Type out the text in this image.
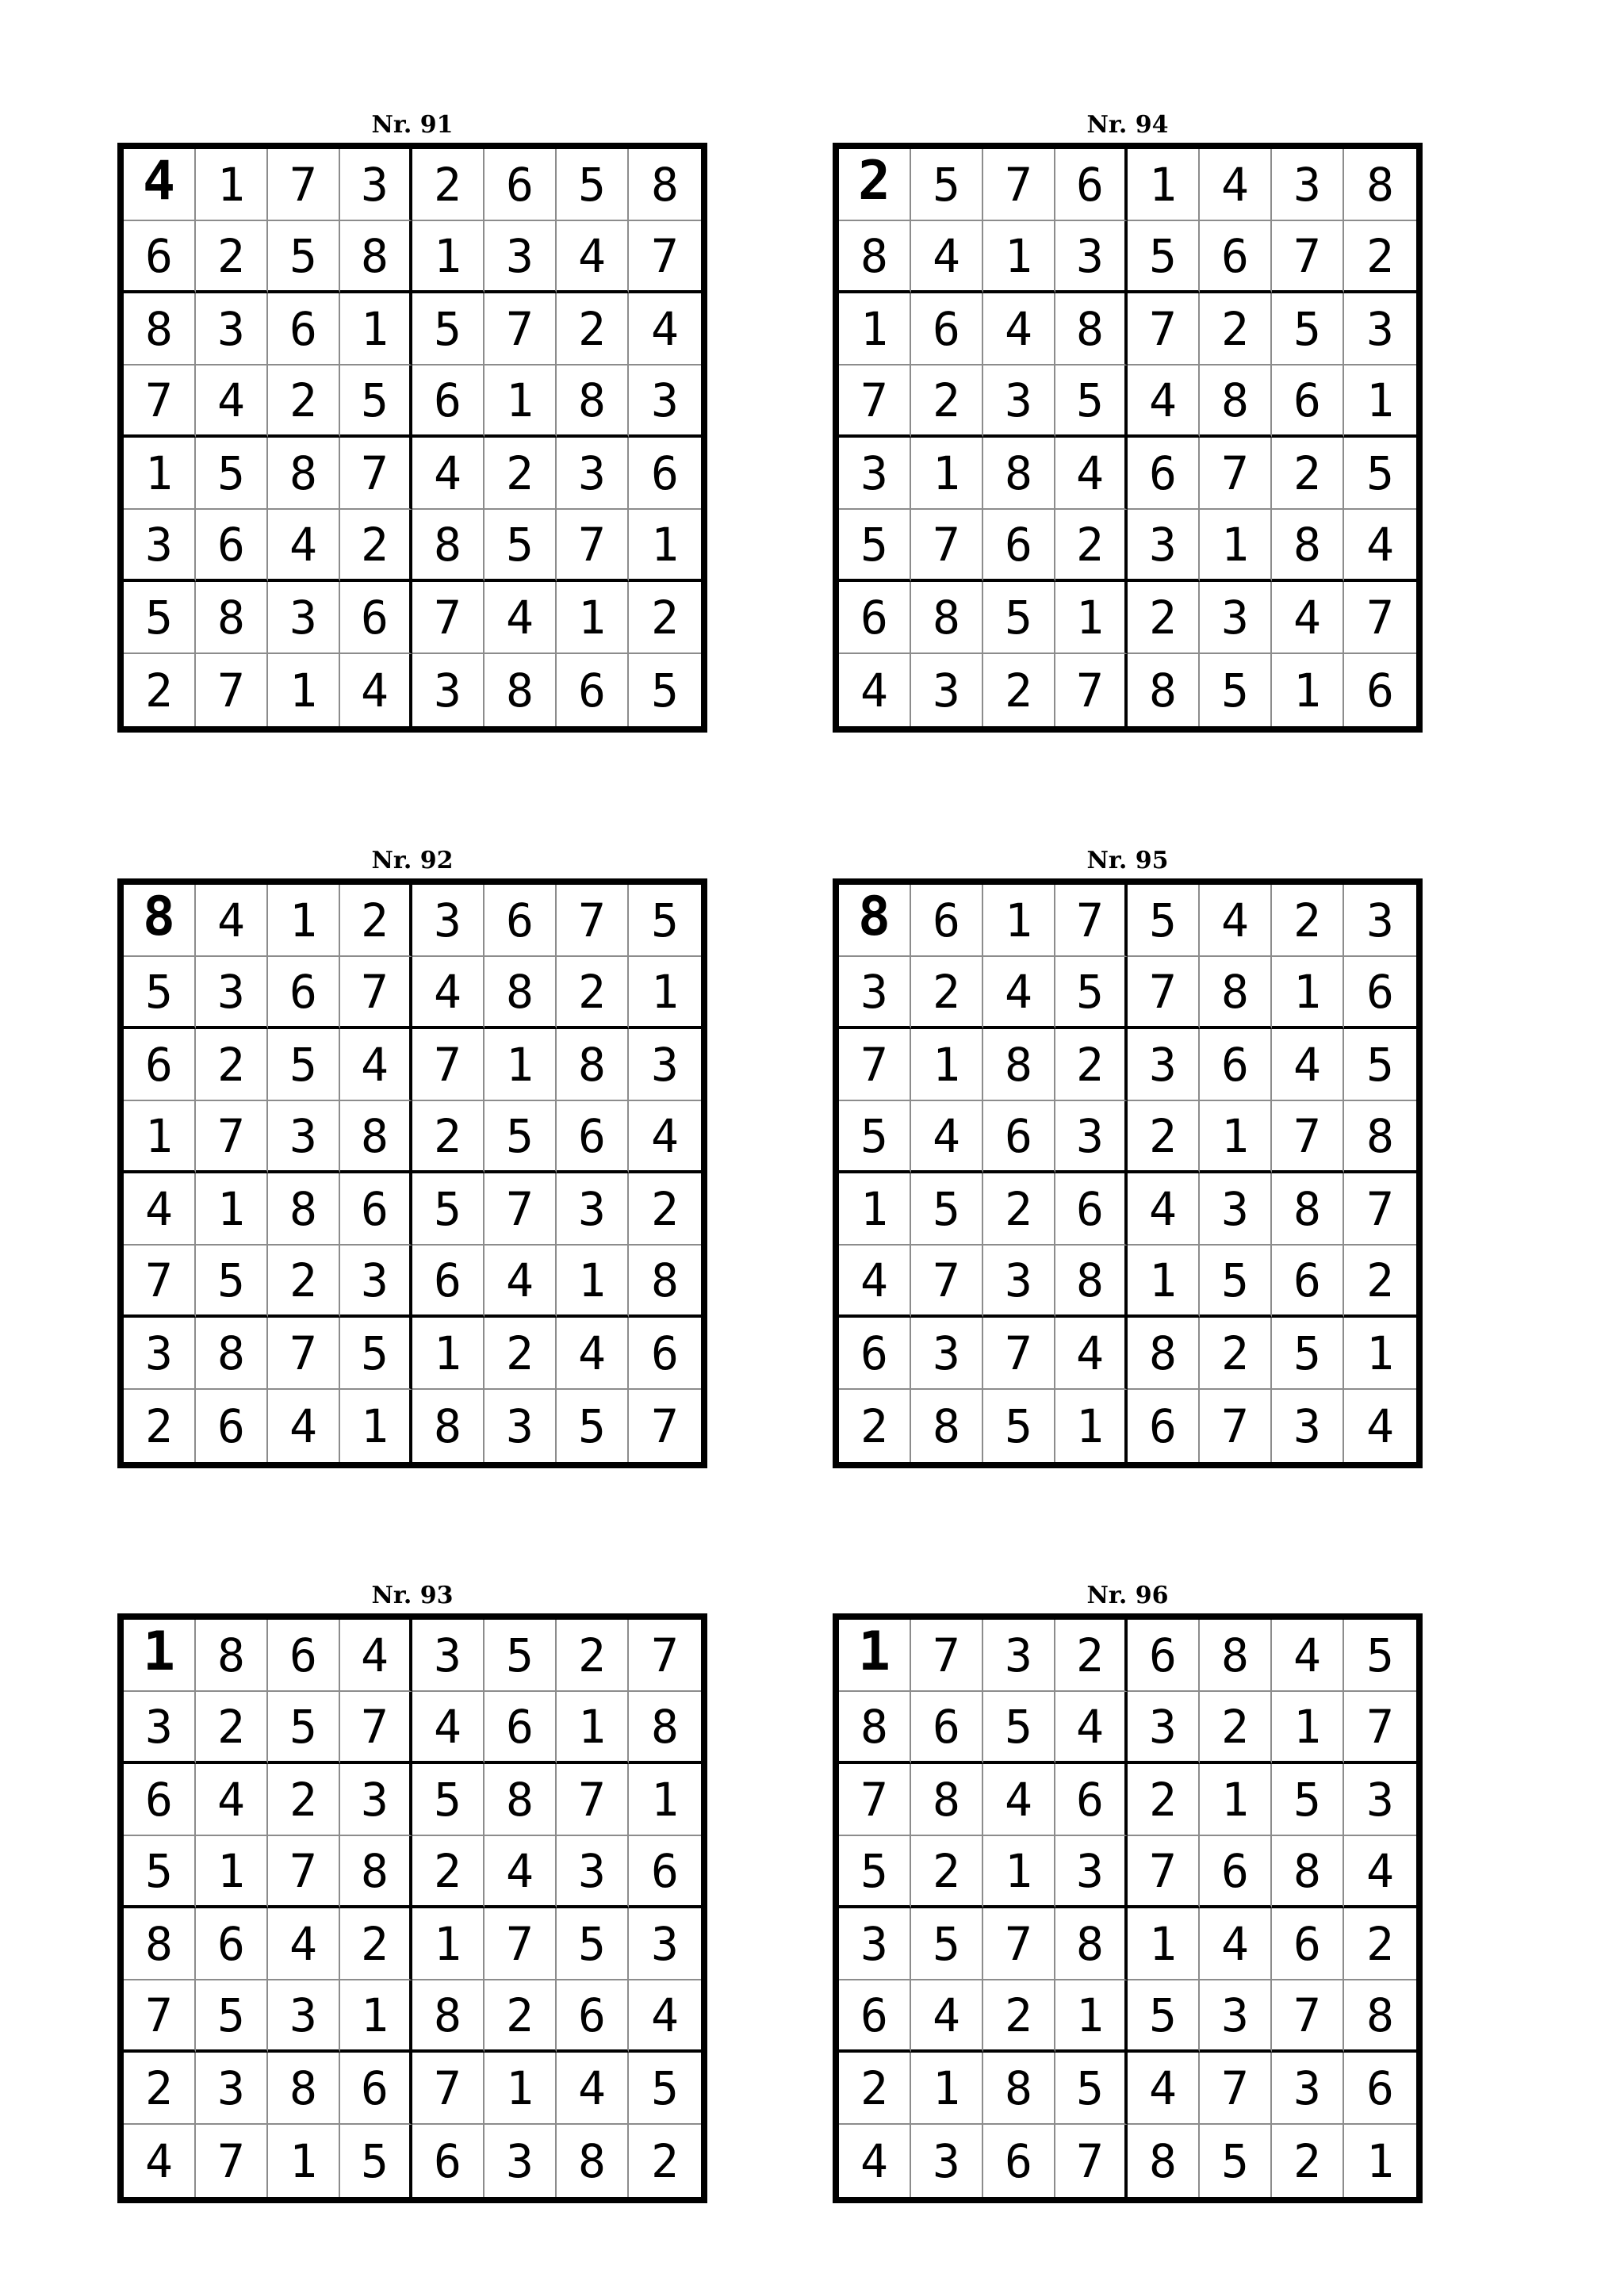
Nr. 91
4 1 7 3 2 6 5 8
6 2 5 8 1 3 4 7
8 3 6 1 5 7 2 4
7 4 2 5 6 1 8 3
1 5 8 7 4 2 3 6
3 6 4 2 8 5 7 1
5 8 3 6 7 4 1 2
2 7 1 4 3 8 6 5
Nr. 94
2 5 7 6 1 4 3 8
8 4 1 3 5 6 7 2
1 6 4 8 7 2 5 3
7 2 3 5 4 8 6 1
3 1 8 4 6 7 2 5
5 7 6 2 3 1 8 4
6 8 5 1 2 3 4 7
4 3 2 7 8 5 1 6
Nr. 92
8 4 1 2 3 6 7 5
5 3 6 7 4 8 2 1
6 2 5 4 7 1 8 3
1 7 3 8 2 5 6 4
4 1 8 6 5 7 3 2
7 5 2 3 6 4 1 8
3 8 7 5 1 2 4 6
2 6 4 1 8 3 5 7
Nr. 95
8 6 1 7 5 4 2 3
3 2 4 5 7 8 1 6
7 1 8 2 3 6 4 5
5 4 6 3 2 1 7 8
1 5 2 6 4 3 8 7
4 7 3 8 1 5 6 2
6 3 7 4 8 2 5 1
2 8 5 1 6 7 3 4
Nr. 93
1 8 6 4 3 5 2 7
3 2 5 7 4 6 1 8
6 4 2 3 5 8 7 1
5 1 7 8 2 4 3 6
8 6 4 2 1 7 5 3
7 5 3 1 8 2 6 4
2 3 8 6 7 1 4 5
4 7 1 5 6 3 8 2
Nr. 96
1 7 3 2 6 8 4 5
8 6 5 4 3 2 1 7
7 8 4 6 2 1 5 3
5 2 1 3 7 6 8 4
3 5 7 8 1 4 6 2
6 4 2 1 5 3 7 8
2 1 8 5 4 7 3 6
4 3 6 7 8 5 2 1
